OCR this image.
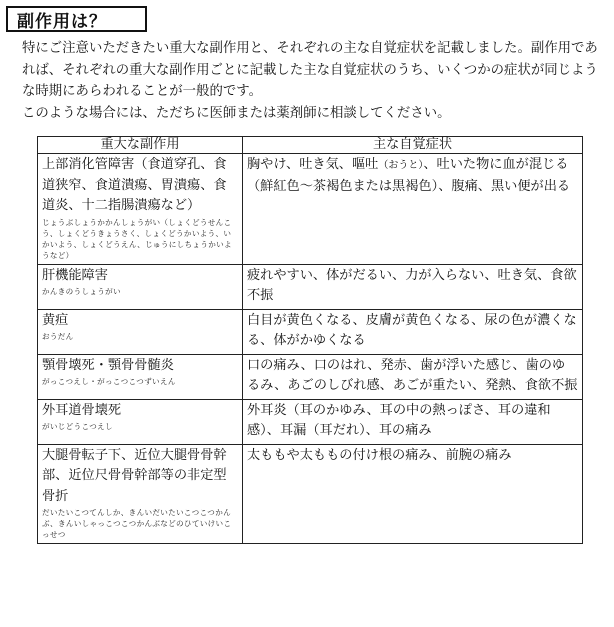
副作用は？

特にご注意いただきたい重大な副作用と、それぞれの主な自覚症状を記載しました。副作用であれば、それぞれの重大な副作用ごとに記載した主な自覚症状のうち、いくつかの症状が同じような時期にあらわれることが一般的です。

このような場合には、ただちに医師または薬剤師に相談してください。

重大な副作用	主な自覚症状

上部消化管障害（食道穿孔、食道狭窄、食道潰瘍、胃潰瘍、食道炎、十二指腸潰瘍など）
じょうぶしょうかかんしょうがい（しょくどうせんこう、しょくどうきょうさく、しょくどうかいよう、いかいよう、しょくどうえん、じゅうにしちょうかいようなど）	胸やけ、吐き気、嘔吐（おうと）、吐いた物に血が混じる（鮮紅色〜茶褐色または黒褐色）、腹痛、黒い便が出る

肝機能障害
かんきのうしょうがい	疲れやすい、体がだるい、力が入らない、吐き気、食欲不振

黄疸
おうだん	白目が黄色くなる、皮膚が黄色くなる、尿の色が濃くなる、体がかゆくなる

顎骨壊死・顎骨骨髄炎
がっこつえし・がっこつこつずいえん	口の痛み、口のはれ、発赤、歯が浮いた感じ、歯のゆるみ、あごのしびれ感、あごが重たい、発熱、食欲不振

外耳道骨壊死
がいじどうこつえし	外耳炎（耳のかゆみ、耳の中の熱っぽさ、耳の違和感）、耳漏（耳だれ）、耳の痛み

大腿骨転子下、近位大腿骨骨幹部、近位尺骨骨幹部等の非定型骨折
だいたいこつてんしか、きんいだいたいこつこつかんぶ、きんいしゃっこつこつかんぶなどのひていけいこっせつ	太ももや太ももの付け根の痛み、前腕の痛み
